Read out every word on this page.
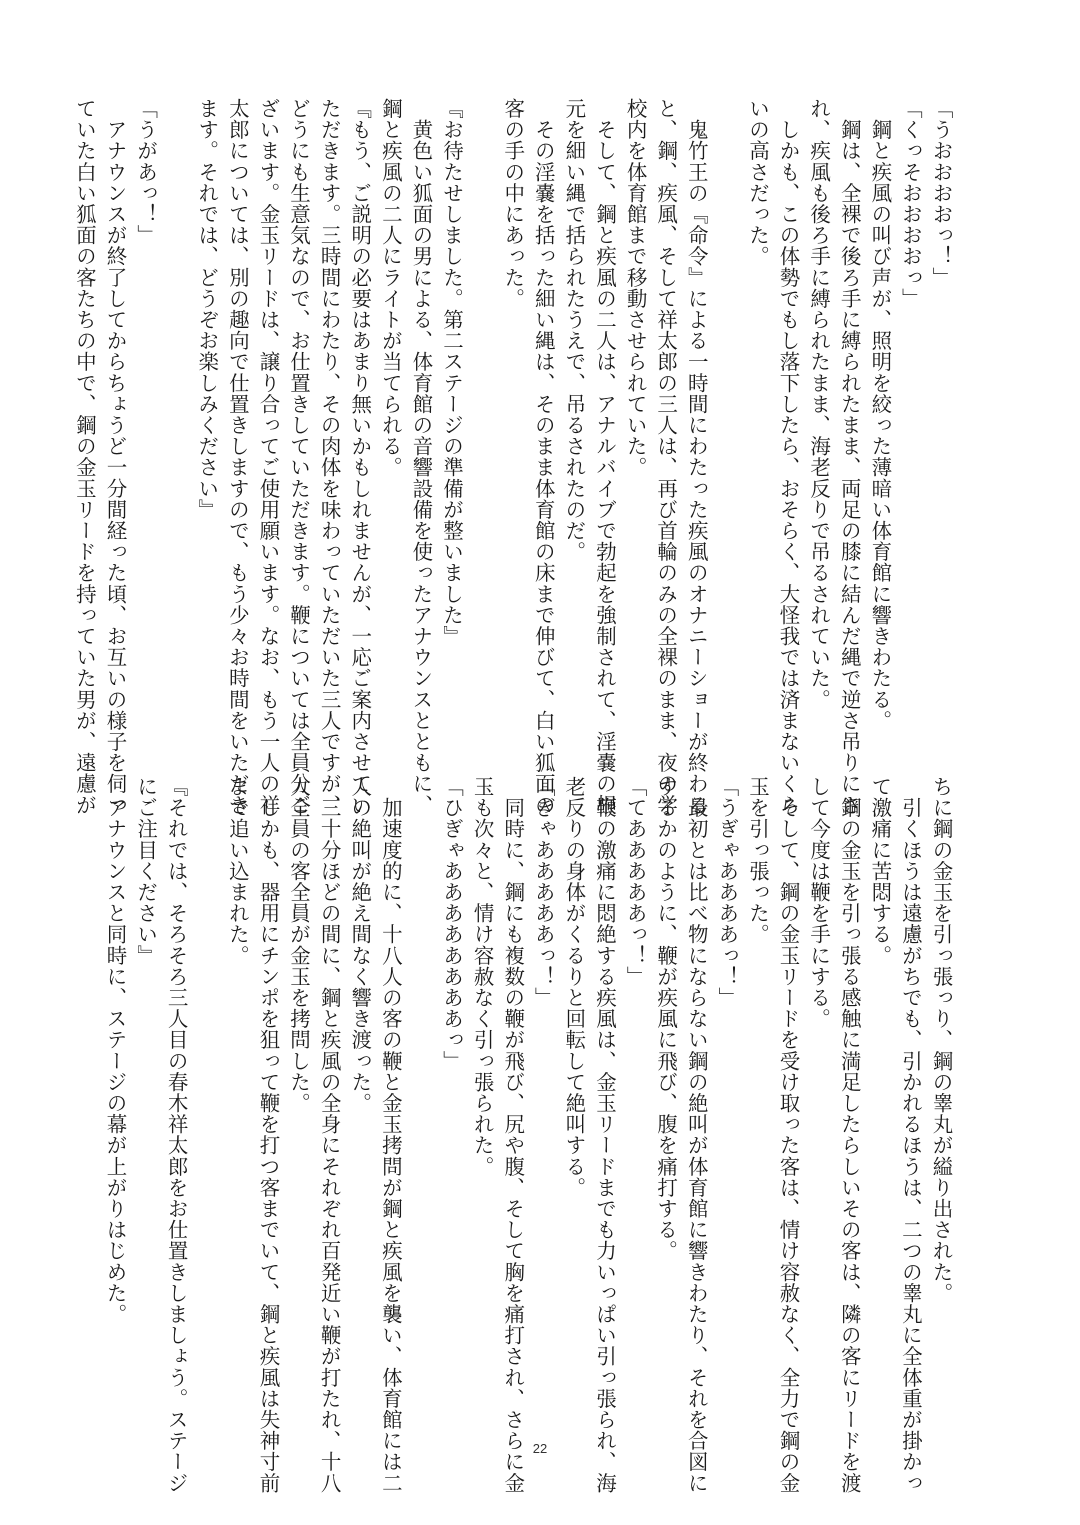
「うおおおおっ！」
「くっそおおおおっ」
　鋼と疾風の叫び声が、照明を絞った薄暗い体育館に響きわたる。
　鋼は、全裸で後ろ手に縛られたまま、両足の膝に結んだ縄で逆さ吊りにさ
れ、疾風も後ろ手に縛られたまま、海老反りで吊るされていた。
　しかも、この体勢でもし落下したら、おそらく、大怪我では済まないくら
いの高さだった。

　鬼竹王の『命令』による一時間にわたった疾風のオナニーショーが終わる
と、鋼、疾風、そして祥太郎の三人は、再び首輪のみの全裸のまま、夜の学
校内を体育館まで移動させられていた。
　そして、鋼と疾風の二人は、アナルバイブで勃起を強制されて、淫嚢の根
元を細い縄で括られたうえで、吊るされたのだ。
　その淫嚢を括った細い縄は、そのまま体育館の床まで伸びて、白い狐面の
客の手の中にあった。

『お待たせしました。第二ステージの準備が整いました』
　黄色い狐面の男による、体育館の音響設備を使ったアナウンスとともに、
鋼と疾風の二人にライトが当てられる。
『もう、ご説明の必要はあまり無いかもしれませんが、一応ご案内させてい
ただきます。三時間にわたり、その肉体を味わっていただいた三人ですが、
どうにも生意気なので、お仕置きしていただきます。鞭については全員分ご
ざいます。金玉リードは、譲り合ってご使用願います。なお、もう一人の祥
太郎については、別の趣向で仕置きしますので、もう少々お時間をいただき
ます。それでは、どうぞお楽しみください』

「うがあっ！」
　アナウンスが終了してからちょうど一分間経った頃、お互いの様子を伺っ
ていた白い狐面の客たちの中で、鋼の金玉リードを持っていた男が、遠慮が
ちに鋼の金玉を引っ張っり、鋼の睾丸が縊り出された。
　引くほうは遠慮がちでも、引かれるほうは、二つの睾丸に全体重が掛かっ
て激痛に苦悶する。
　鋼の金玉を引っ張る感触に満足したらしいその客は、隣の客にリードを渡
して今度は鞭を手にする。
　そして、鋼の金玉リードを受け取った客は、情け容赦なく、全力で鋼の金
玉を引っ張った。
「うぎゃああああっ！」
　最初とは比べ物にならない鋼の絶叫が体育館に響きわたり、それを合図に
するかのように、鞭が疾風に飛び、腹を痛打する。
「てあああああっ！」
　鞭の激痛に悶絶する疾風は、金玉リードまでも力いっぱい引っ張られ、海
老反りの身体がくるりと回転して絶叫する。
「ぎゃあああああっ！」
　同時に、鋼にも複数の鞭が飛び、尻や腹、そして胸を痛打され、さらに金
玉も次々と、情け容赦なく引っ張られた。
「ひぎゃああああああああっ」

　加速度的に、十八人の客の鞭と金玉拷問が鋼と疾風を襲い、体育館には二
人の絶叫が絶え間なく響き渡った。
　三十分ほどの間に、鋼と疾風の全身にそれぞれ百発近い鞭が打たれ、十八
人全員の客全員が金玉を拷問した。
　しかも、器用にチンポを狙って鞭を打つ客までいて、鋼と疾風は失神寸前
まで追い込まれた。

『それでは、そろそろ三人目の春木祥太郎をお仕置きしましょう。ステージ
にご注目ください』
　アナウンスと同時に、ステージの幕が上がりはじめた。
22
